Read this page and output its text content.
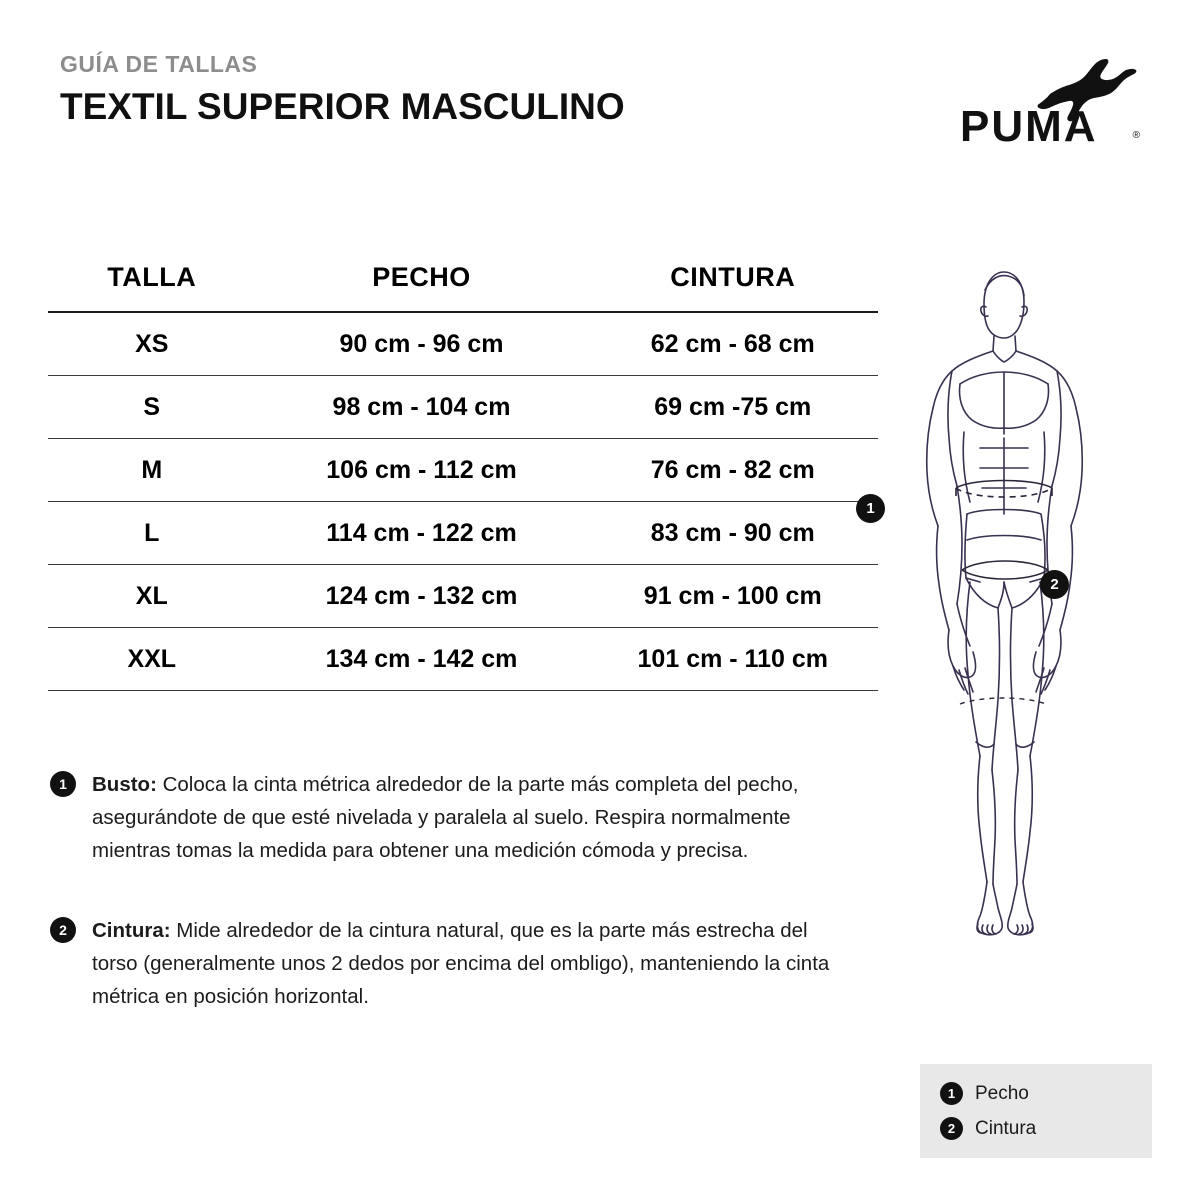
GUÍA DE TALLAS
TEXTIL SUPERIOR MASCULINO	PUMA	®
TALLA	PECHO	CINTURA
XS	90 cm - 96 cm	62 cm - 68 cm
S	98 cm - 104 cm	69 cm -75 cm
M	106 cm - 112 cm	76 cm - 82 cm
L	114 cm - 122 cm	83 cm - 90 cm
XL	124 cm - 132 cm	91 cm - 100 cm
XXL	134 cm - 142 cm	101 cm - 110 cm
1	Busto: Coloca la cinta métrica alrededor de la parte más completa del pecho, asegurándote de que esté nivelada y paralela al suelo. Respira normalmente mientras tomas la medida para obtener una medición cómoda y precisa.
2	Cintura: Mide alrededor de la cintura natural, que es la parte más estrecha del torso (generalmente unos 2 dedos por encima del ombligo), manteniendo la cinta métrica en posición horizontal.
1
2
1	Pecho
2	Cintura
